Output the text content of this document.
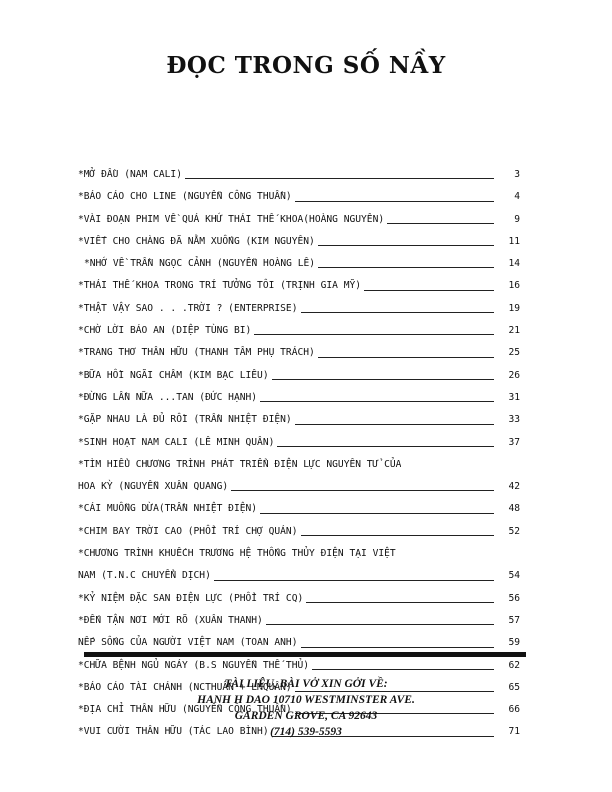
ĐỌC TRONG SỐ NẦY
*MỞ ĐẦU (NAM CALI)	3
*BÁO CÁO CHO LINE (NGUYỄN CÔNG THUẦN)	4
*VÀI ĐOẠN PHIM VỀ QUÁ KHỨ THÁI THẾ KHOA(HOÀNG NGUYÊN)	9
*VIẾT CHO CHÀNG ĐÃ NẰM XUỐNG (KIM NGUYÊN)	11
*NHỚ VỀ TRẦN NGỌC CẢNH (NGUYỄN HOÀNG LÊ)	14
*THÁI THẾ KHOA TRONG TRÍ TƯỞNG TÔI (TRỊNH GIA MỸ)	16
*THẬT VẬY SAO . . .TRỜI ? (ENTERPRISE)	19
*CHỜ LỜI BÁO AN (DIỆP TÙNG BI)	21
*TRANG THƠ THÂN HỮU (THANH TÂM PHỤ TRÁCH)	25
*BỮA HỒI NGÃI CHÂM (KIM BẠC LIÊU)	26
*ĐỪNG LẦN NỮA ...TAN (ĐỨC HẠNH)	31
*GẶP NHAU LÀ ĐỦ RỒI (TRẦN NHIỆT ĐIỆN)	33
*SINH HOẠT NAM CALI (LÊ MINH QUÂN)	37
*TÌM HIỂU CHƯƠNG TRÌNH PHÁT TRIỂN ĐIỆN LỰC NGUYÊN TỬ CỦA
HOA KỲ (NGUYỄN XUÂN QUANG)	42
*CÁI MUỖNG DỪA(TRẦN NHIỆT ĐIỆN)	48
*CHIM BAY TRỜI CAO (PHỔI TRÍ CHỢ QUÁN)	52
*CHƯƠNG TRÌNH KHUẾCH TRƯƠNG HỆ THỐNG THỦY ĐIỆN TẠI VIỆT
NAM (T.N.C CHUYỂN DỊCH)	54
*KỶ NIỆM ĐẶC SAN ĐIỆN LỰC (PHỔI TRÍ CQ)	56
*ĐẾN TẬN NƠI MỚI RÕ (XUÂN THANH)	57
NẾP SỐNG CỦA NGƯỜI VIỆT NAM (TOAN ANH)	59
*CHỮA BỆNH NGỦ NGÁY (B.S NGUYỄN THẾ THỦ)	62
*BÁO CÁO TÀI CHÁNH (NCTHUẦN + LMQUÂN)	65
*ĐỊA CHỈ THÂN HỮU (NGUYỄN CÔNG THUẦN)	66
*VUI CƯỜI THÂN HỮU (TÁC LAO BÌNH)	71
TÀI LIỆU, BÀI VỞ XIN GỞI VỀ:
HANH H DAO 10710 WESTMINSTER AVE.
GARDEN GROVE, CA 92643
(714) 539-5593
